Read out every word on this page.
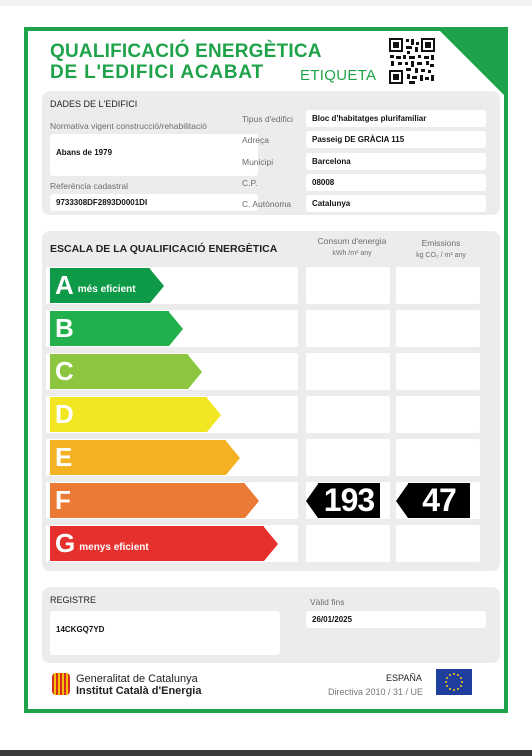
QUALIFICACIÓ ENERGÈTICA
DE L'EDIFICI ACABAT ETIQUETA
DADES DE L'EDIFICI
Normativa vigent construcció/rehabilitació
Abans de 1979
Referència cadastral
9733308DF2893D0001DI
Tipus d'edifici	Bloc d'habitatges plurifamiliar
Adreça	Passeig DE GRÀCIA 115
Municipi	Barcelona
C.P.	08008
C. Autònoma	Catalunya
ESCALA DE LA QUALIFICACIÓ ENERGÈTICA
Consum d'energia
kWh /m² any
Emissions
kg CO₂ / m² any
A més eficient
B
C
D
E
F	193	47
G menys eficient
REGISTRE
14CKGQ7YD
Vàlid fins
26/01/2025
Generalitat de Catalunya
Institut Català d'Energia
ESPAÑA
Directiva 2010 / 31 / UE
